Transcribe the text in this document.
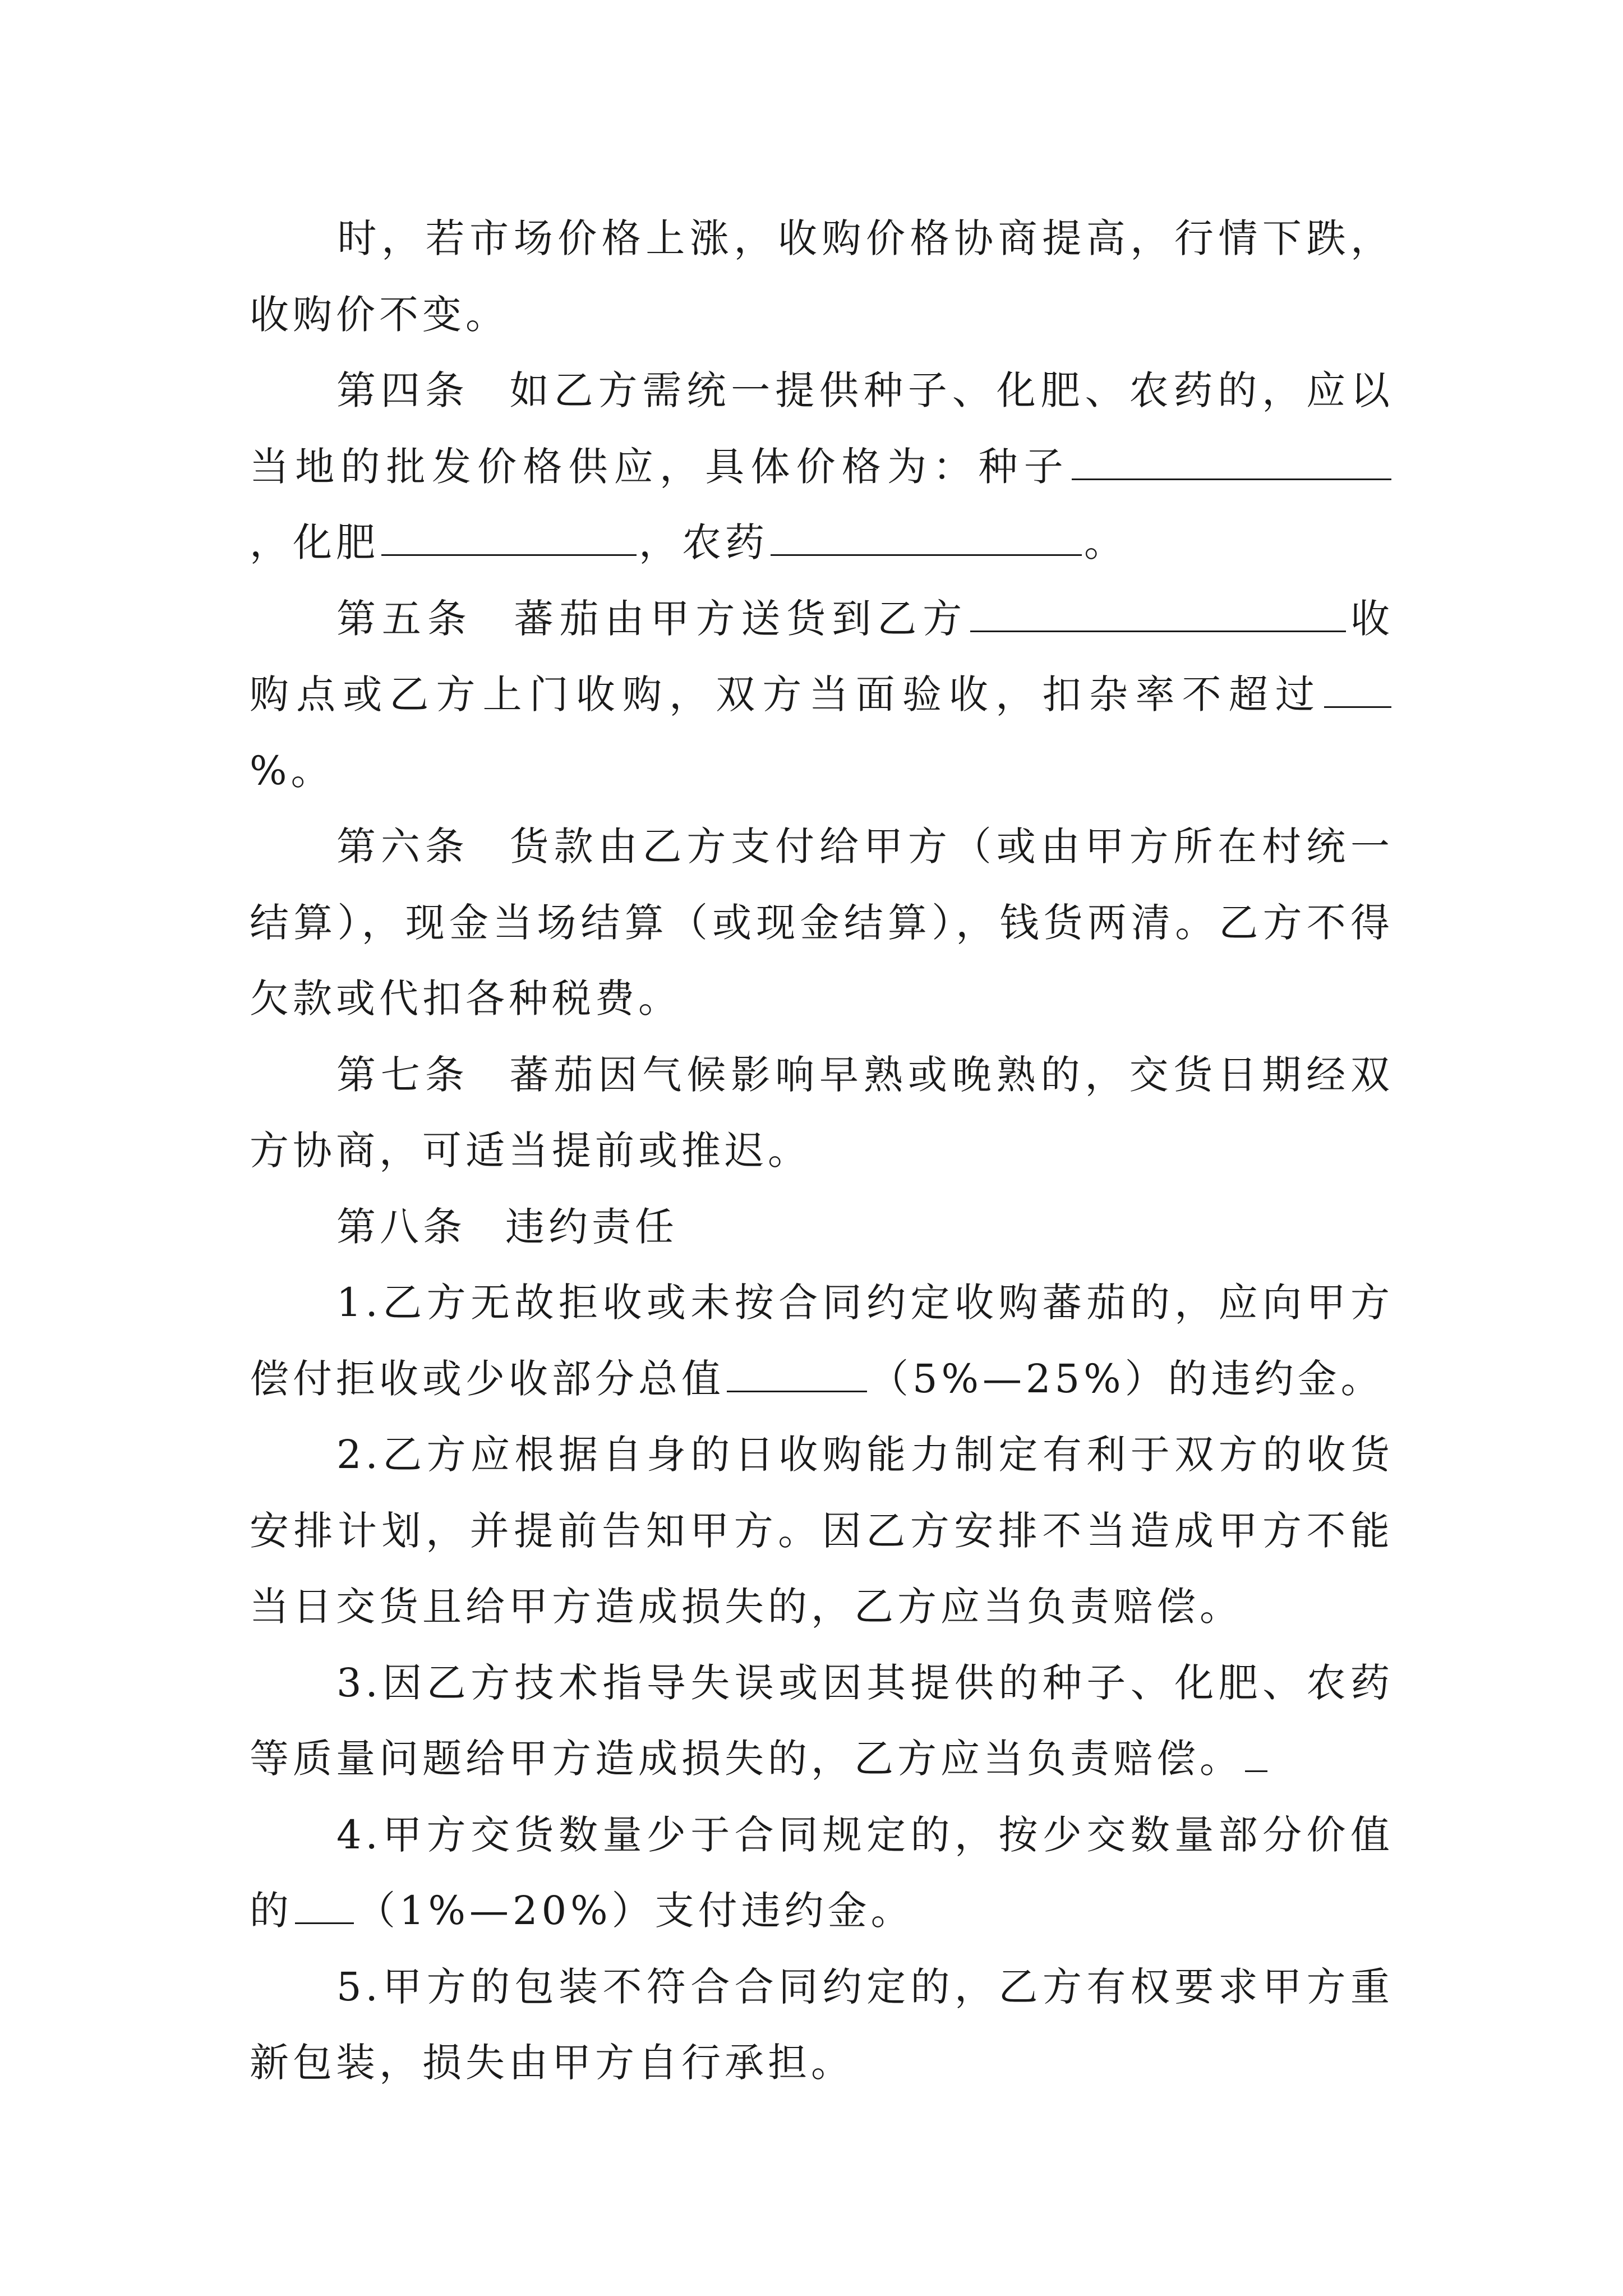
时，若市场价格上涨，收购价格协商提高，行情下跌，收购价不变。

第四条 如乙方需统一提供种子、化肥、农药的，应以当地的批发价格供应，具体价格为：种子，化肥	，农药	。

第五条 蕃茄由甲方送货到乙方	收购点或乙方上门收购，双方当面验收，扣杂率不超过%。

第六条 货款由乙方支付给甲方（或由甲方所在村统一结算），现金当场结算（或现金结算），钱货两清。乙方不得欠款或代扣各种税费。

第七条 蕃茄因气候影响早熟或晚熟的，交货日期经双方协商，可适当提前或推迟。

第八条 违约责任

1.乙方无故拒收或未按合同约定收购蕃茄的，应向甲方偿付拒收或少收部分总值	（5%—25%）的违约金。

2.乙方应根据自身的日收购能力制定有利于双方的收货安排计划，并提前告知甲方。因乙方安排不当造成甲方不能当日交货且给甲方造成损失的，乙方应当负责赔偿。

3.因乙方技术指导失误或因其提供的种子、化肥、农药等质量问题给甲方造成损失的，乙方应当负责赔偿。

4.甲方交货数量少于合同规定的，按少交数量部分价值的 （1%—20%）支付违约金。

5.甲方的包装不符合合同约定的，乙方有权要求甲方重新包装，损失由甲方自行承担。
